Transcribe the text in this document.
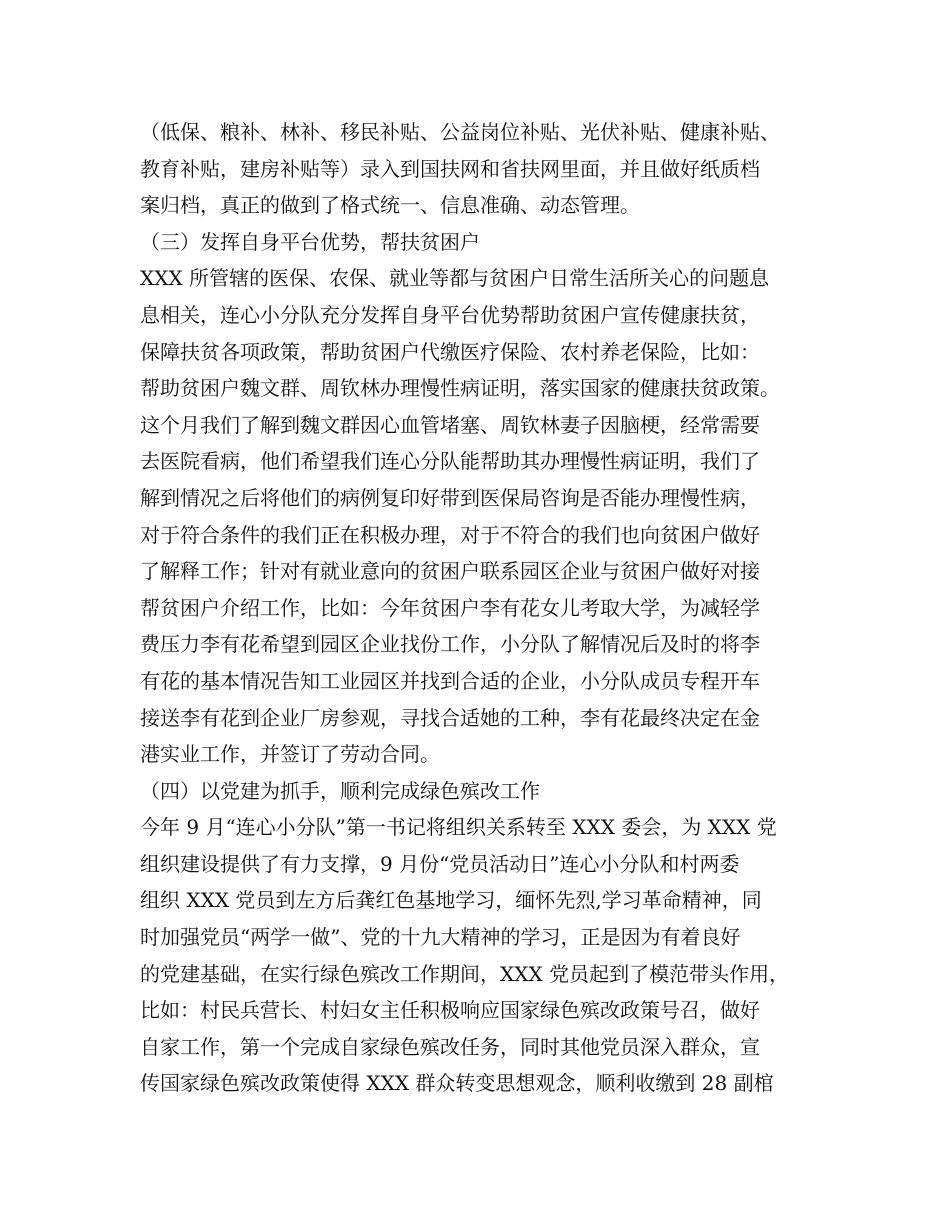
（低保、粮补、林补、移民补贴、公益岗位补贴、光伏补贴、健康补贴、
教育补贴，建房补贴等）录入到国扶网和省扶网里面，并且做好纸质档
案归档，真正的做到了格式统一、信息准确、动态管理。
（三）发挥自身平台优势，帮扶贫困户
XXX 所管辖的医保、农保、就业等都与贫困户日常生活所关心的问题息
息相关，连心小分队充分发挥自身平台优势帮助贫困户宣传健康扶贫，
保障扶贫各项政策，帮助贫困户代缴医疗保险、农村养老保险，比如：
帮助贫困户魏文群、周钦林办理慢性病证明，落实国家的健康扶贫政策。
这个月我们了解到魏文群因心血管堵塞、周钦林妻子因脑梗，经常需要
去医院看病，他们希望我们连心分队能帮助其办理慢性病证明，我们了
解到情况之后将他们的病例复印好带到医保局咨询是否能办理慢性病，
对于符合条件的我们正在积极办理，对于不符合的我们也向贫困户做好
了解释工作；针对有就业意向的贫困户联系园区企业与贫困户做好对接
帮贫困户介绍工作，比如：今年贫困户李有花女儿考取大学，为减轻学
费压力李有花希望到园区企业找份工作，小分队了解情况后及时的将李
有花的基本情况告知工业园区并找到合适的企业，小分队成员专程开车
接送李有花到企业厂房参观，寻找合适她的工种，李有花最终决定在金
港实业工作，并签订了劳动合同。
（四）以党建为抓手，顺利完成绿色殡改工作
今年 9 月“连心小分队”第一书记将组织关系转至 XXX 委会，为 XXX 党
组织建设提供了有力支撑，9 月份“党员活动日”连心小分队和村两委
组织 XXX 党员到左方后龚红色基地学习，缅怀先烈,学习革命精神，同
时加强党员“两学一做”、党的十九大精神的学习，正是因为有着良好
的党建基础，在实行绿色殡改工作期间，XXX 党员起到了模范带头作用，
比如：村民兵营长、村妇女主任积极响应国家绿色殡改政策号召，做好
自家工作，第一个完成自家绿色殡改任务，同时其他党员深入群众，宣
传国家绿色殡改政策使得 XXX 群众转变思想观念，顺利收缴到 28 副棺
